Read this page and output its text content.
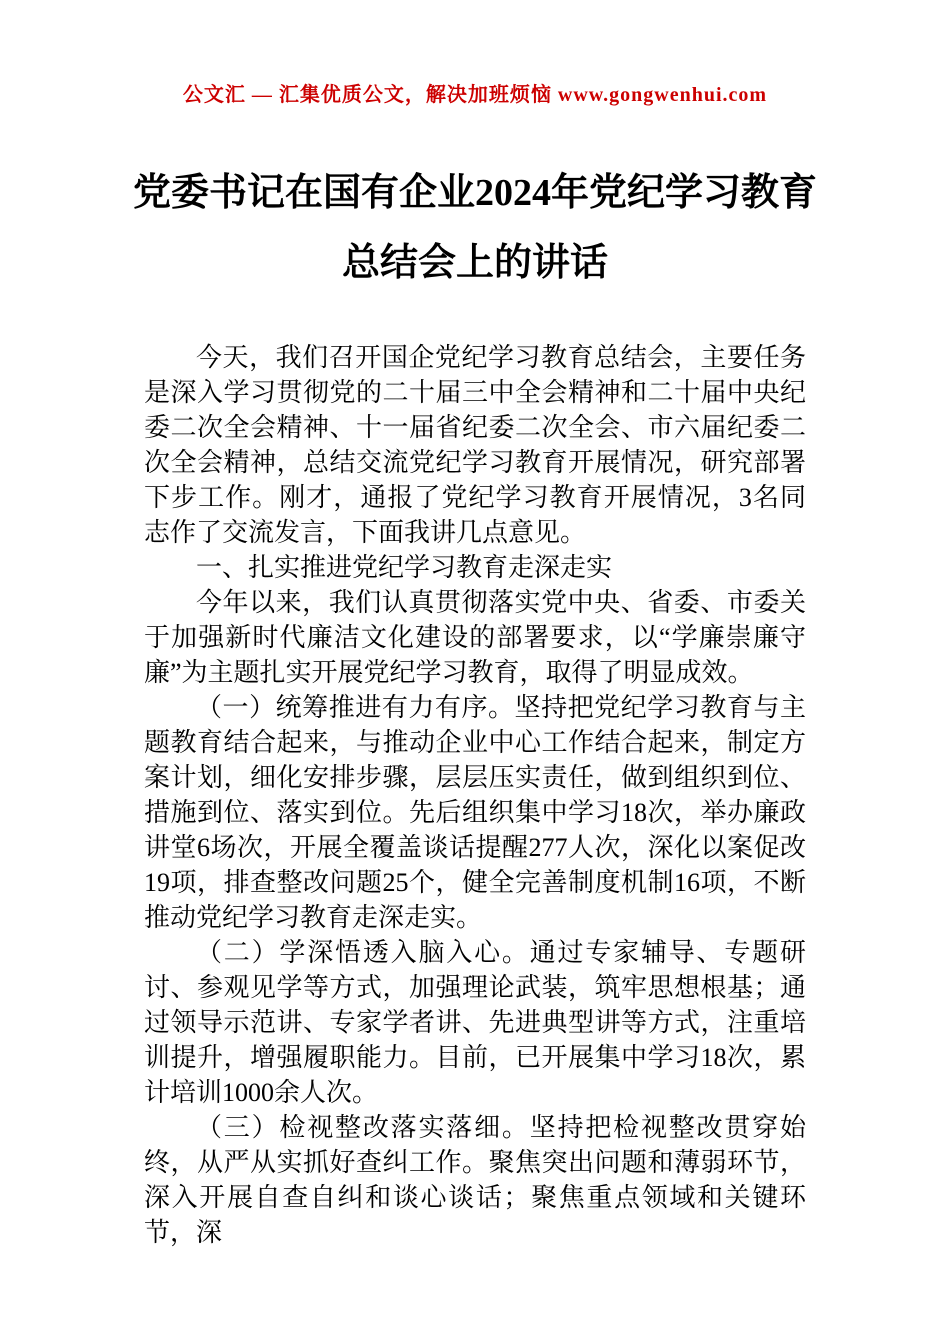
公文汇 — 汇集优质公文，解决加班烦恼 www.gongwenhui.com
党委书记在国有企业2024年党纪学习教育
总结会上的讲话

今天，我们召开国企党纪学习教育总结会，主要任务是深入学习贯彻党的二十届三中全会精神和二十届中央纪委二次全会精神、十一届省纪委二次全会、市六届纪委二次全会精神，总结交流党纪学习教育开展情况，研究部署下步工作。刚才，通报了党纪学习教育开展情况，3名同志作了交流发言，下面我讲几点意见。

一、扎实推进党纪学习教育走深走实

今年以来，我们认真贯彻落实党中央、省委、市委关于加强新时代廉洁文化建设的部署要求，以“学廉崇廉守廉”为主题扎实开展党纪学习教育，取得了明显成效。

（一）统筹推进有力有序。坚持把党纪学习教育与主题教育结合起来，与推动企业中心工作结合起来，制定方案计划，细化安排步骤，层层压实责任，做到组织到位、措施到位、落实到位。先后组织集中学习18次，举办廉政讲堂6场次，开展全覆盖谈话提醒277人次，深化以案促改19项，排查整改问题25个，健全完善制度机制16项，不断推动党纪学习教育走深走实。

（二）学深悟透入脑入心。通过专家辅导、专题研讨、参观见学等方式，加强理论武装，筑牢思想根基；通过领导示范讲、专家学者讲、先进典型讲等方式，注重培训提升，增强履职能力。目前，已开展集中学习18次，累计培训1000余人次。

（三）检视整改落实落细。坚持把检视整改贯穿始终，从严从实抓好查纠工作。聚焦突出问题和薄弱环节，深入开展自查自纠和谈心谈话；聚焦重点领域和关键环节，深
